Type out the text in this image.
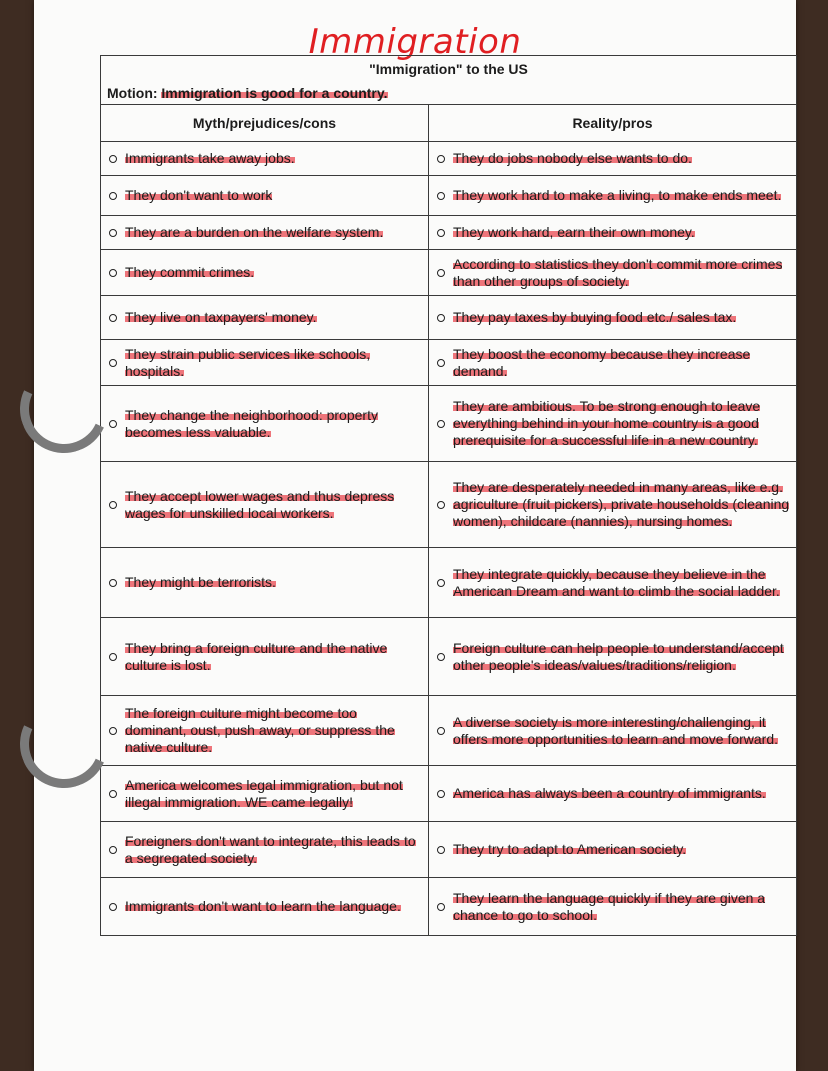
Immigration
"Immigration" to the US	
Motion: Immigration is good for a country.	
Myth/prejudices/cons	Reality/pros

Immigrants take away jobs.	They do jobs nobody else wants to do.

They don't want to work	They work hard to make a living, to make ends meet.

They are a burden on the welfare system.	They work hard, earn their own money.

They commit crimes.	According to statistics they don't commit more crimes than other groups of society.

They live on taxpayers' money.	They pay taxes by buying food etc./ sales tax.

They strain public services like schools, hospitals.	They boost the economy because they increase demand.

They change the neighborhood: property becomes less valuable.	They are ambitious. To be strong enough to leave everything behind in your home country is a good prerequisite for a successful life in a new country.

They accept lower wages and thus depress wages for unskilled local workers.	They are desperately needed in many areas, like e.g. agriculture (fruit pickers), private households (cleaning women), childcare (nannies), nursing homes.

They might be terrorists.	They integrate quickly, because they believe in the American Dream and want to climb the social ladder.

They bring a foreign culture and the native culture is lost.	Foreign culture can help people to understand/accept other people's ideas/values/traditions/religion.

The foreign culture might become too dominant, oust, push away, or suppress the native culture.	A diverse society is more interesting/challenging, it offers more opportunities to learn and move forward.

America welcomes legal immigration, but not illegal immigration. WE came legally!	America has always been a country of immigrants.

Foreigners don't want to integrate, this leads to a segregated society.	They try to adapt to American society.

Immigrants don't want to learn the language.	They learn the language quickly if they are given a chance to go to school.
